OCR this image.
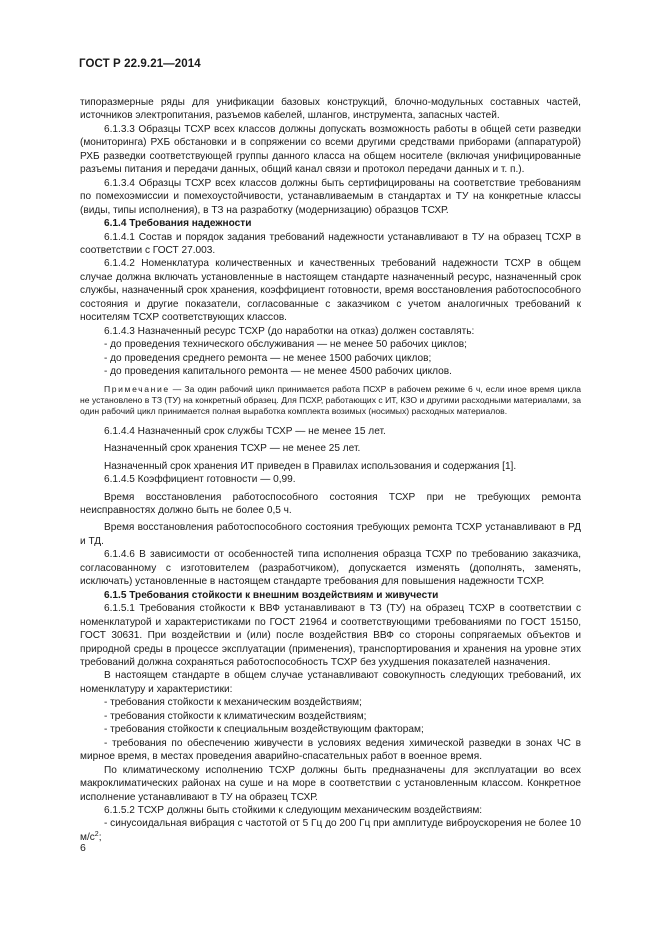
ГОСТ Р 22.9.21—2014

типоразмерные ряды для унификации базовых конструкций, блочно-модульных составных частей, источников электропитания, разъемов кабелей, шлангов, инструмента, запасных частей.

6.1.3.3 Образцы ТСХР всех классов должны допускать возможность работы в общей сети разведки (мониторинга) РХБ обстановки и в сопряжении со всеми другими средствами приборами (аппаратурой) РХБ разведки соответствующей группы данного класса на общем носителе (включая унифицированные разъемы питания и передачи данных, общий канал связи и протокол передачи данных и т. п.).

6.1.3.4 Образцы ТСХР всех классов должны быть сертифицированы на соответствие требованиям по помехоэмиссии и помехоустойчивости, устанавливаемым в стандартах и ТУ на конкретные классы (виды, типы исполнения), в ТЗ на разработку (модернизацию) образцов ТСХР.

6.1.4 Требования надежности

6.1.4.1 Состав и порядок задания требований надежности устанавливают в ТУ на образец ТСХР в соответствии с ГОСТ 27.003.

6.1.4.2 Номенклатура количественных и качественных требований надежности ТСХР в общем случае должна включать установленные в настоящем стандарте назначенный ресурс, назначенный срок службы, назначенный срок хранения, коэффициент готовности, время восстановления работоспособного состояния и другие показатели, согласованные с заказчиком с учетом аналогичных требований к носителям ТСХР соответствующих классов.

6.1.4.3 Назначенный ресурс ТСХР (до наработки на отказ) должен составлять:

- до проведения технического обслуживания — не менее 50 рабочих циклов;

- до проведения среднего ремонта — не менее 1500 рабочих циклов;

- до проведения капитального ремонта — не менее 4500 рабочих циклов.

Примечание — За один рабочий цикл принимается работа ПСХР в рабочем режиме 6 ч, если иное время цикла не установлено в ТЗ (ТУ) на конкретный образец. Для ПСХР, работающих с ИТ, КЗО и другими расходными материалами, за один рабочий цикл принимается полная выработка комплекта возимых (носимых) расходных материалов.

6.1.4.4 Назначенный срок службы ТСХР — не менее 15 лет.

Назначенный срок хранения ТСХР — не менее 25 лет.

Назначенный срок хранения ИТ приведен в Правилах использования и содержания [1].

6.1.4.5 Коэффициент готовности — 0,99.

Время восстановления работоспособного состояния ТСХР при не требующих ремонта неисправностях должно быть не более 0,5 ч.

Время восстановления работоспособного состояния требующих ремонта ТСХР устанавливают в РД и ТД.

6.1.4.6 В зависимости от особенностей типа исполнения образца ТСХР по требованию заказчика, согласованному с изготовителем (разработчиком), допускается изменять (дополнять, заменять, исключать) установленные в настоящем стандарте требования для повышения надежности ТСХР.

6.1.5 Требования стойкости к внешним воздействиям и живучести

6.1.5.1 Требования стойкости к ВВФ устанавливают в ТЗ (ТУ) на образец ТСХР в соответствии с номенклатурой и характеристиками по ГОСТ 21964 и соответствующими требованиями по ГОСТ 15150, ГОСТ 30631. При воздействии и (или) после воздействия ВВФ со стороны сопрягаемых объектов и природной среды в процессе эксплуатации (применения), транспортирования и хранения на уровне этих требований должна сохраняться работоспособность ТСХР без ухудшения показателей назначения.

В настоящем стандарте в общем случае устанавливают совокупность следующих требований, их номенклатуру и характеристики:

- требования стойкости к механическим воздействиям;

- требования стойкости к климатическим воздействиям;

- требования стойкости к специальным воздействующим факторам;

- требования по обеспечению живучести в условиях ведения химической разведки в зонах ЧС в мирное время, в местах проведения аварийно-спасательных работ в военное время.

По климатическому исполнению ТСХР должны быть предназначены для эксплуатации во всех макроклиматических районах на суше и на море в соответствии с установленным классом. Конкретное исполнение устанавливают в ТУ на образец ТСХР.

6.1.5.2 ТСХР должны быть стойкими к следующим механическим воздействиям:

- синусоидальная вибрация с частотой от 5 Гц до 200 Гц при амплитуде виброускорения не более 10 $м/с^2$;

6
